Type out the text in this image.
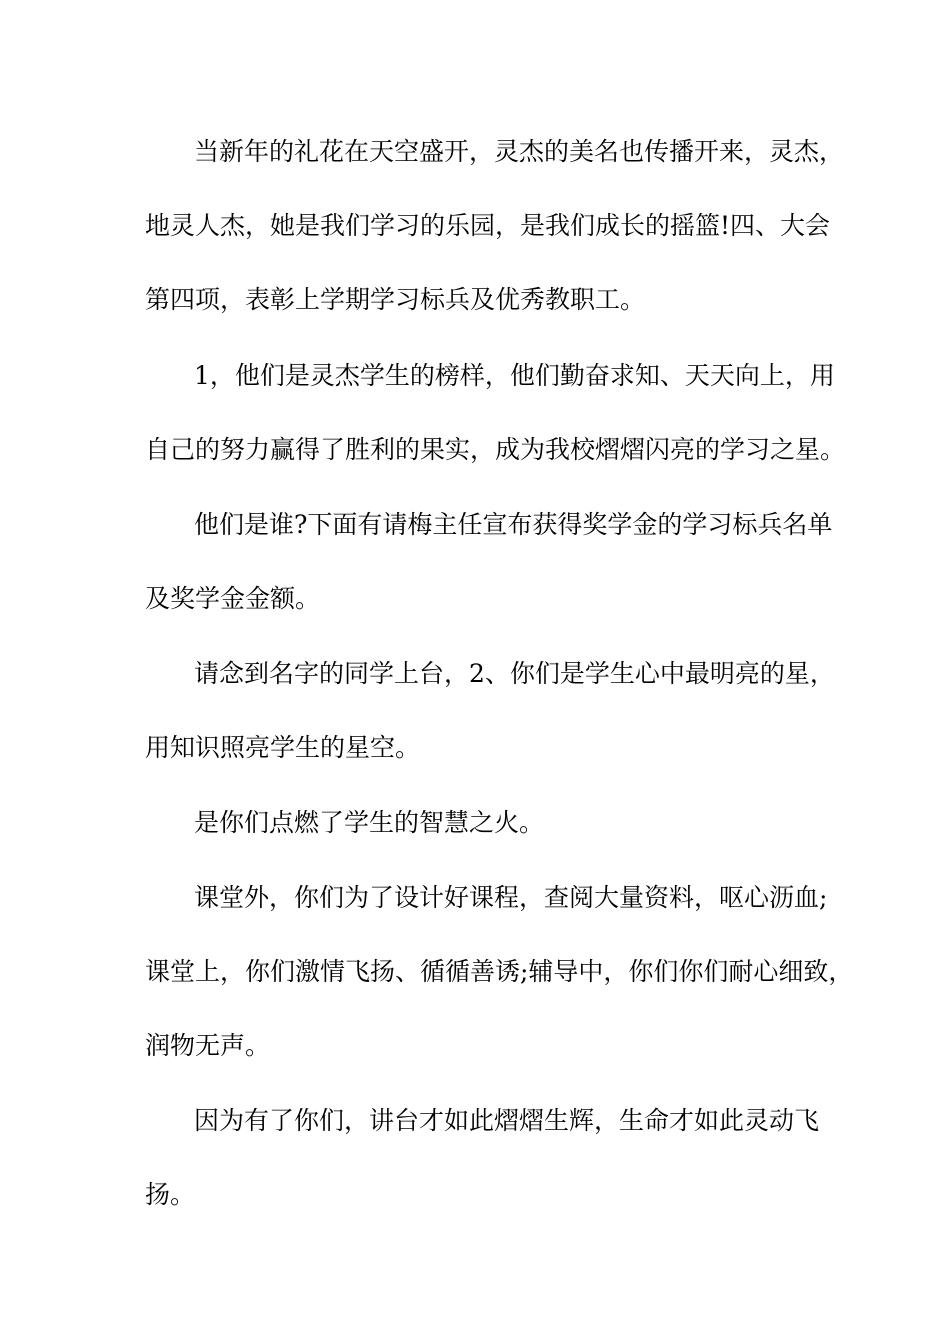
当新年的礼花在天空盛开，灵杰的美名也传播开来，灵杰，
地灵人杰，她是我们学习的乐园，是我们成长的摇篮!四、大会
第四项，表彰上学期学习标兵及优秀教职工。
1，他们是灵杰学生的榜样，他们勤奋求知、天天向上，用
自己的努力赢得了胜利的果实，成为我校熠熠闪亮的学习之星。
他们是谁?下面有请梅主任宣布获得奖学金的学习标兵名单
及奖学金金额。
请念到名字的同学上台，2、你们是学生心中最明亮的星，
用知识照亮学生的星空。
是你们点燃了学生的智慧之火。
课堂外，你们为了设计好课程，查阅大量资料，呕心沥血;
课堂上，你们激情飞扬、循循善诱;辅导中，你们你们耐心细致，
润物无声。
因为有了你们，讲台才如此熠熠生辉，生命才如此灵动飞
扬。
